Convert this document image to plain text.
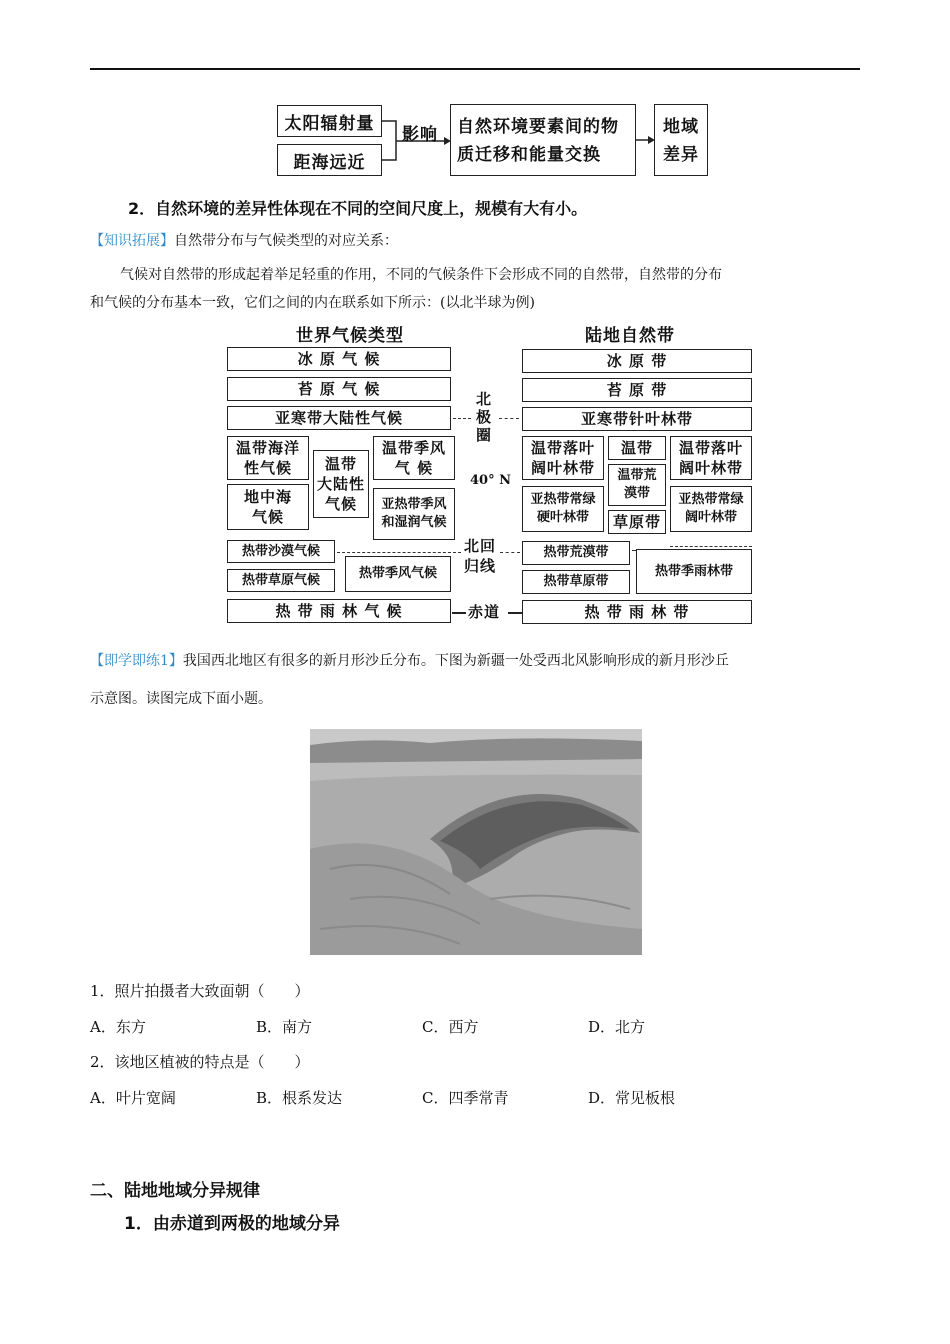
太阳辐射量
距海远近
影响 自然环境要素间的物
质迁移和能量交换
地域
差异
2．自然环境的差异性体现在不同的空间尺度上，规模有大有小。
【知识拓展】自然带分布与气候类型的对应关系：
气候对自然带的形成起着举足轻重的作用，不同的气候条件下会形成不同的自然带，自然带的分布
和气候的分布基本一致，它们之间的内在联系如下所示：(以北半球为例)
世界气候类型	陆地自然带
冰 原 气 候
苔 原 气 候
亚寒带大陆性气候
温带海洋
性气候
地中海
气候
温带
大陆性
气候
温带季风
气 候
亚热带季风
和湿润气候
热带沙漠气候
热带草原气候	热带季风气候
热 带 雨 林 气 候
冰 原 带
苔 原 带
亚寒带针叶林带
温带落叶
阔叶林带
亚热带常绿
硬叶林带
温带
温带荒
漠带
草原带
温带落叶
阔叶林带
亚热带常绿
阔叶林带
热带荒漠带
热带草原带
热带季雨林带
热 带 雨 林 带
北
极
圈
40° N
北回
归线
赤道
【即学即练1】我国西北地区有很多的新月形沙丘分布。下图为新疆一处受西北风影响形成的新月形沙丘
示意图。读图完成下面小题。
1．照片拍摄者大致面朝（　　）
A．东方	B．南方	C．西方	D．北方
2．该地区植被的特点是（　　）
A．叶片宽阔	B．根系发达	C．四季常青	D．常见板根
二、陆地地域分异规律
1．由赤道到两极的地域分异
